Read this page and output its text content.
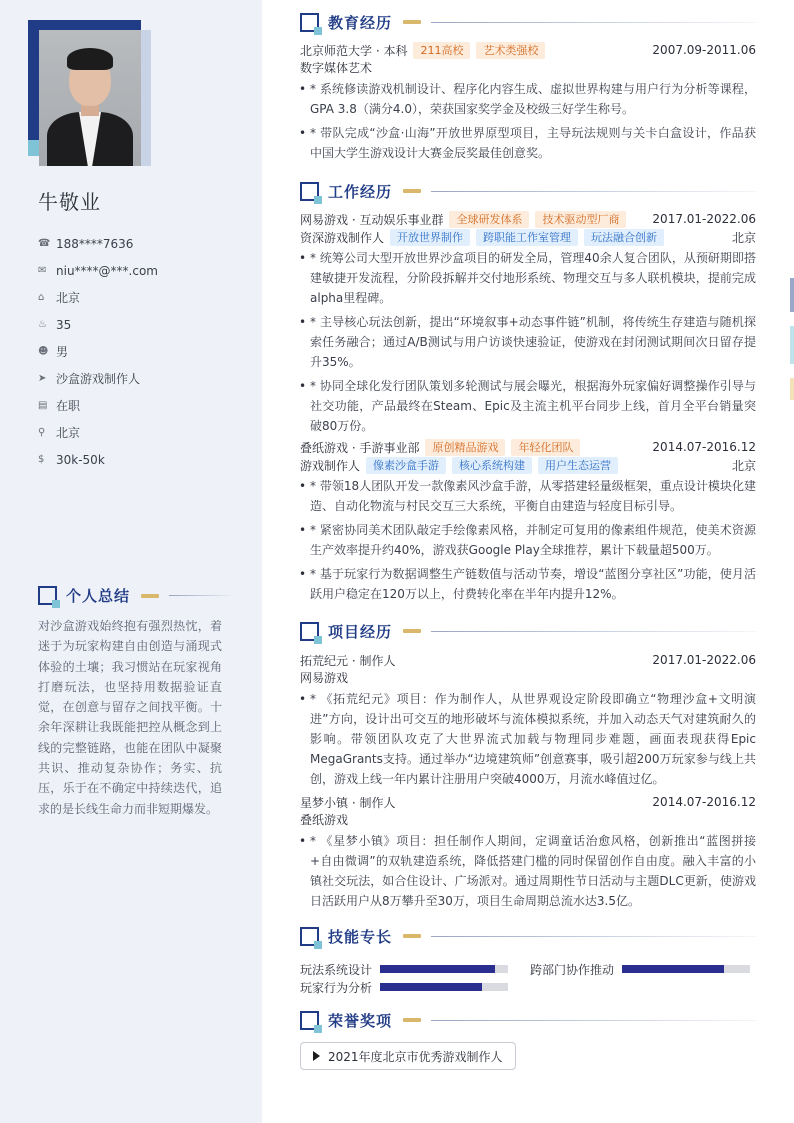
牛敬业
☎ 188****7636
✉ niu****@***.com
⌂ 北京
♨ 35
☻ 男
➤ 沙盒游戏制作人
▤ 在职
⚲ 北京
$ 30k-50k
个人总结
对沙盒游戏始终抱有强烈热忱，着迷于为玩家构建自由创造与涌现式体验的土壤；我习惯站在玩家视角打磨玩法，也坚持用数据验证直觉，在创意与留存之间找平衡。十余年深耕让我既能把控从概念到上线的完整链路，也能在团队中凝聚共识、推动复杂协作；务实、抗压，乐于在不确定中持续迭代，追求的是长线生命力而非短期爆发。
教育经历
北京师范大学 · 本科	211高校	艺术类强校	2007.09-2011.06
数字媒体艺术
• * 系统修读游戏机制设计、程序化内容生成、虚拟世界构建与用户行为分析等课程，GPA 3.8（满分4.0），荣获国家奖学金及校级三好学生称号。
• * 带队完成“沙盒·山海”开放世界原型项目，主导玩法规则与关卡白盒设计，作品获中国大学生游戏设计大赛金辰奖最佳创意奖。
工作经历
网易游戏 · 互动娱乐事业群	全球研发体系	技术驱动型厂商	2017.01-2022.06
资深游戏制作人	开放世界制作	跨职能工作室管理	玩法融合创新	北京
• * 统筹公司大型开放世界沙盒项目的研发全局，管理40余人复合团队，从预研期即搭建敏捷开发流程，分阶段拆解并交付地形系统、物理交互与多人联机模块，提前完成alpha里程碑。
• * 主导核心玩法创新，提出“环境叙事+动态事件链”机制，将传统生存建造与随机探索任务融合；通过A/B测试与用户访谈快速验证，使游戏在封闭测试期间次日留存提升35%。
• * 协同全球化发行团队策划多轮测试与展会曝光，根据海外玩家偏好调整操作引导与社交功能，产品最终在Steam、Epic及主流主机平台同步上线，首月全平台销量突破80万份。
叠纸游戏 · 手游事业部	原创精品游戏	年轻化团队	2014.07-2016.12
游戏制作人	像素沙盒手游	核心系统构建	用户生态运营	北京
• * 带领18人团队开发一款像素风沙盒手游，从零搭建轻量级框架，重点设计模块化建造、自动化物流与村民交互三大系统，平衡自由建造与轻度目标引导。
• * 紧密协同美术团队敲定手绘像素风格，并制定可复用的像素组件规范，使美术资源生产效率提升约40%，游戏获Google Play全球推荐，累计下载量超500万。
• * 基于玩家行为数据调整生产链数值与活动节奏，增设“蓝图分享社区”功能，使月活跃用户稳定在120万以上，付费转化率在半年内提升12%。
项目经历
拓荒纪元 · 制作人	2017.01-2022.06
网易游戏
• * 《拓荒纪元》项目：作为制作人，从世界观设定阶段即确立“物理沙盒+文明演进”方向，设计出可交互的地形破坏与流体模拟系统，并加入动态天气对建筑耐久的影响。带领团队攻克了大世界流式加载与物理同步难题，画面表现获得Epic MegaGrants支持。通过举办“边境建筑师”创意赛事，吸引超200万玩家参与线上共创，游戏上线一年内累计注册用户突破4000万，月流水峰值过亿。
星梦小镇 · 制作人	2014.07-2016.12
叠纸游戏
• * 《星梦小镇》项目：担任制作人期间，定调童话治愈风格，创新推出“蓝图拼接+自由微调”的双轨建造系统，降低搭建门槛的同时保留创作自由度。融入丰富的小镇社交玩法，如合住设计、广场派对。通过周期性节日活动与主题DLC更新，使游戏日活跃用户从8万攀升至30万，项目生命周期总流水达3.5亿。
技能专长
玩法系统设计	跨部门协作推动
玩家行为分析
荣誉奖项
2021年度北京市优秀游戏制作人
